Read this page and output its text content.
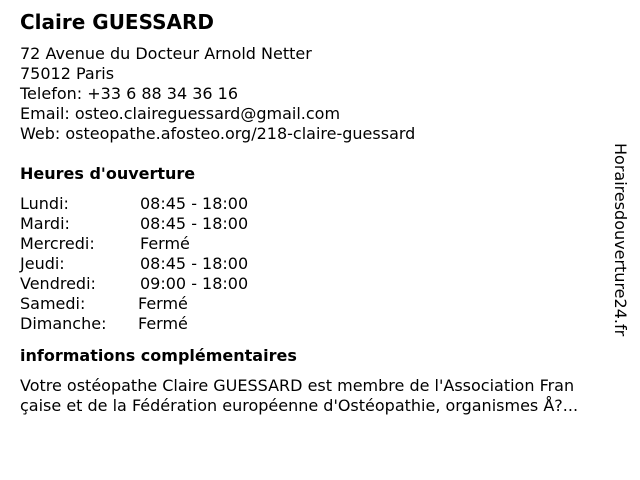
Claire GUESSARD
72 Avenue du Docteur Arnold Netter
75012 Paris
Telefon: +33 6 88 34 36 16
Email: osteo.claireguessard@gmail.com
Web: osteopathe.afosteo.org/218-claire-guessard
Heures d'ouverture
Lundi:	08:45 - 18:00
Mardi:	08:45 - 18:00
Mercredi:	Fermé
Jeudi:	08:45 - 18:00
Vendredi:	09:00 - 18:00
Samedi:	Fermé
Dimanche:	Fermé
informations complémentaires
Votre ostéopathe Claire GUESSARD est membre de l'Association Fran
çaise et de la Fédération européenne d'Ostéopathie, organismes Å?...
Horairesdouverture24.fr
